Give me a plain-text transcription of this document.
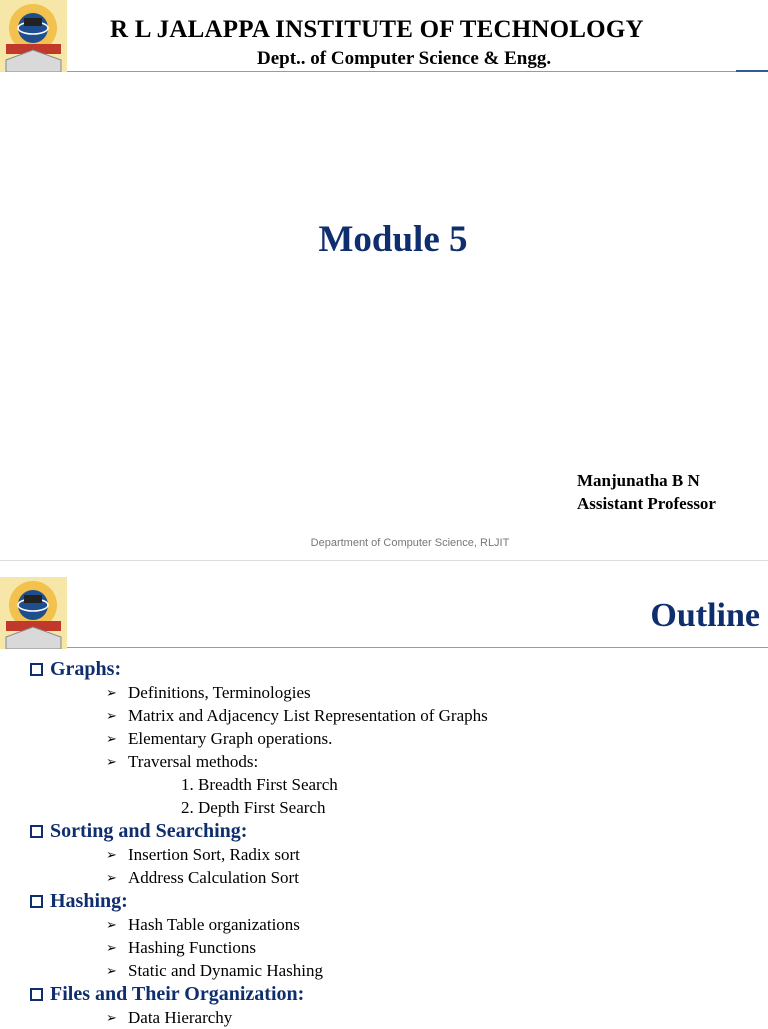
R L JALAPPA INSTITUTE OF TECHNOLOGY
Dept.. of Computer Science & Engg.
Module 5
Manjunatha B N
Assistant Professor
Department of Computer Science, RLJIT
Outline
Graphs:
➢ Definitions, Terminologies
➢ Matrix and Adjacency List Representation of Graphs
➢ Elementary Graph operations.
➢ Traversal methods:
1. Breadth First Search
2. Depth First Search
Sorting and Searching:
➢ Insertion Sort, Radix sort
➢ Address Calculation Sort
Hashing:
➢ Hash Table organizations
➢ Hashing Functions
➢ Static and Dynamic Hashing
Files and Their Organization:
➢ Data Hierarchy
